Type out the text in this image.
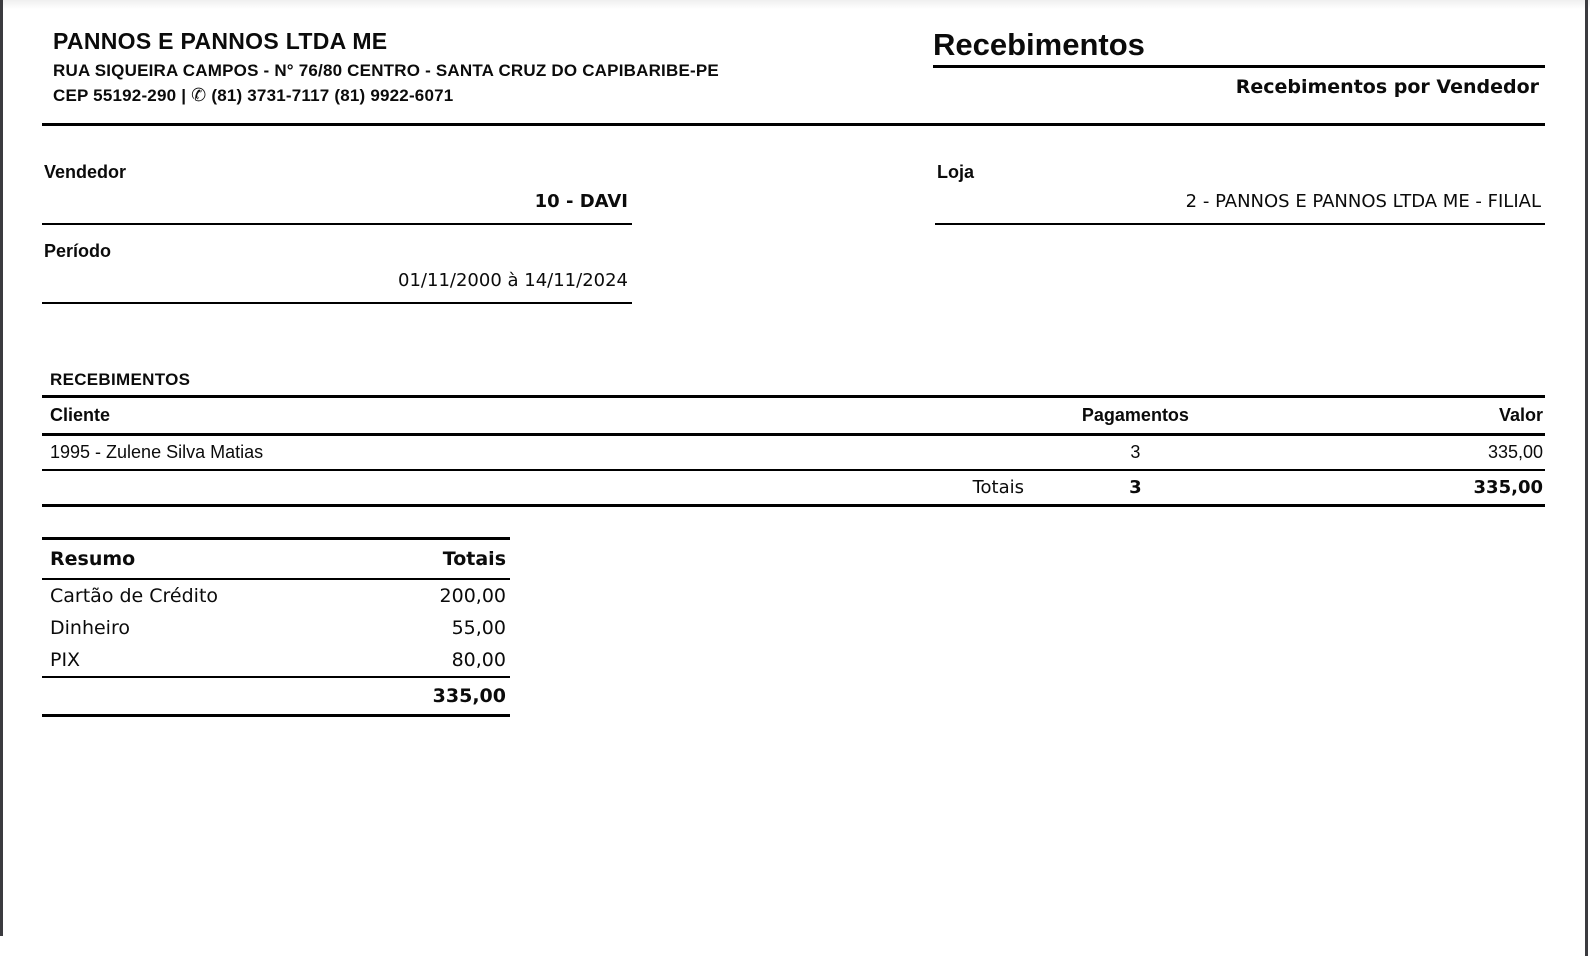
PANNOS E PANNOS LTDA ME
RUA SIQUEIRA CAMPOS - N° 76/80 CENTRO - SANTA CRUZ DO CAPIBARIBE-PE
CEP 55192-290 | ✆ (81) 3731-7117 (81) 9922-6071
Recebimentos
Recebimentos por Vendedor
Vendedor
10 - DAVI
Período
01/11/2000 à 14/11/2024
Loja
2 - PANNOS E PANNOS LTDA ME - FILIAL
RECEBIMENTOS
Cliente	Pagamentos	Valor
1995 - Zulene Silva Matias	3	335,00
Totais	3	335,00
Resumo	Totais
Cartão de Crédito	200,00
Dinheiro	55,00
PIX	80,00
	335,00
